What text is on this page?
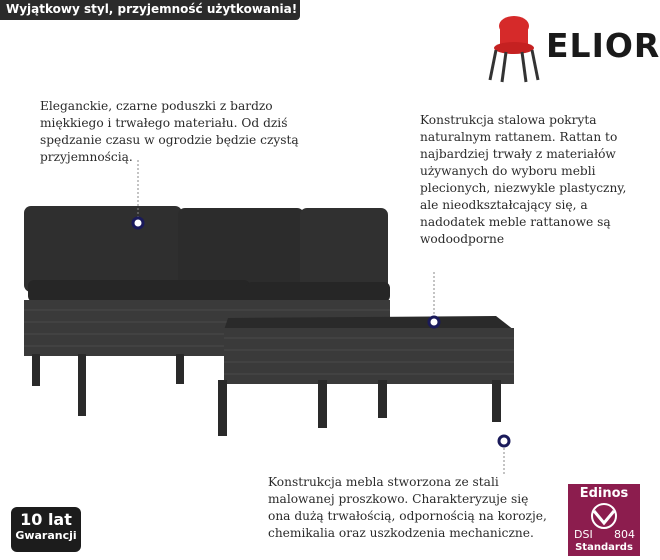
Wyjątkowy styl, przyjemność użytkowania!
ELIOR
Eleganckie, czarne poduszki z bardzo miękkiego i trwałego materiału. Od dziś spędzanie czasu w ogrodzie będzie czystą przyjemnością.
Konstrukcja stalowa pokryta naturalnym rattanem. Rattan to najbardziej trwały z materiałów używanych do wyboru mebli plecionych, niezwykle plastyczny, ale nieodkształcający się, a nadodatek meble rattanowe są wodoodporne
Konstrukcja mebla stworzona ze stali malowanej proszkowo. Charakteryzuje się ona dużą trwałością, odpornością na korozje, chemikalia oraz uszkodzenia mechaniczne.
10 lat
Gwarancji
Edinos
DSI 804
Standards
